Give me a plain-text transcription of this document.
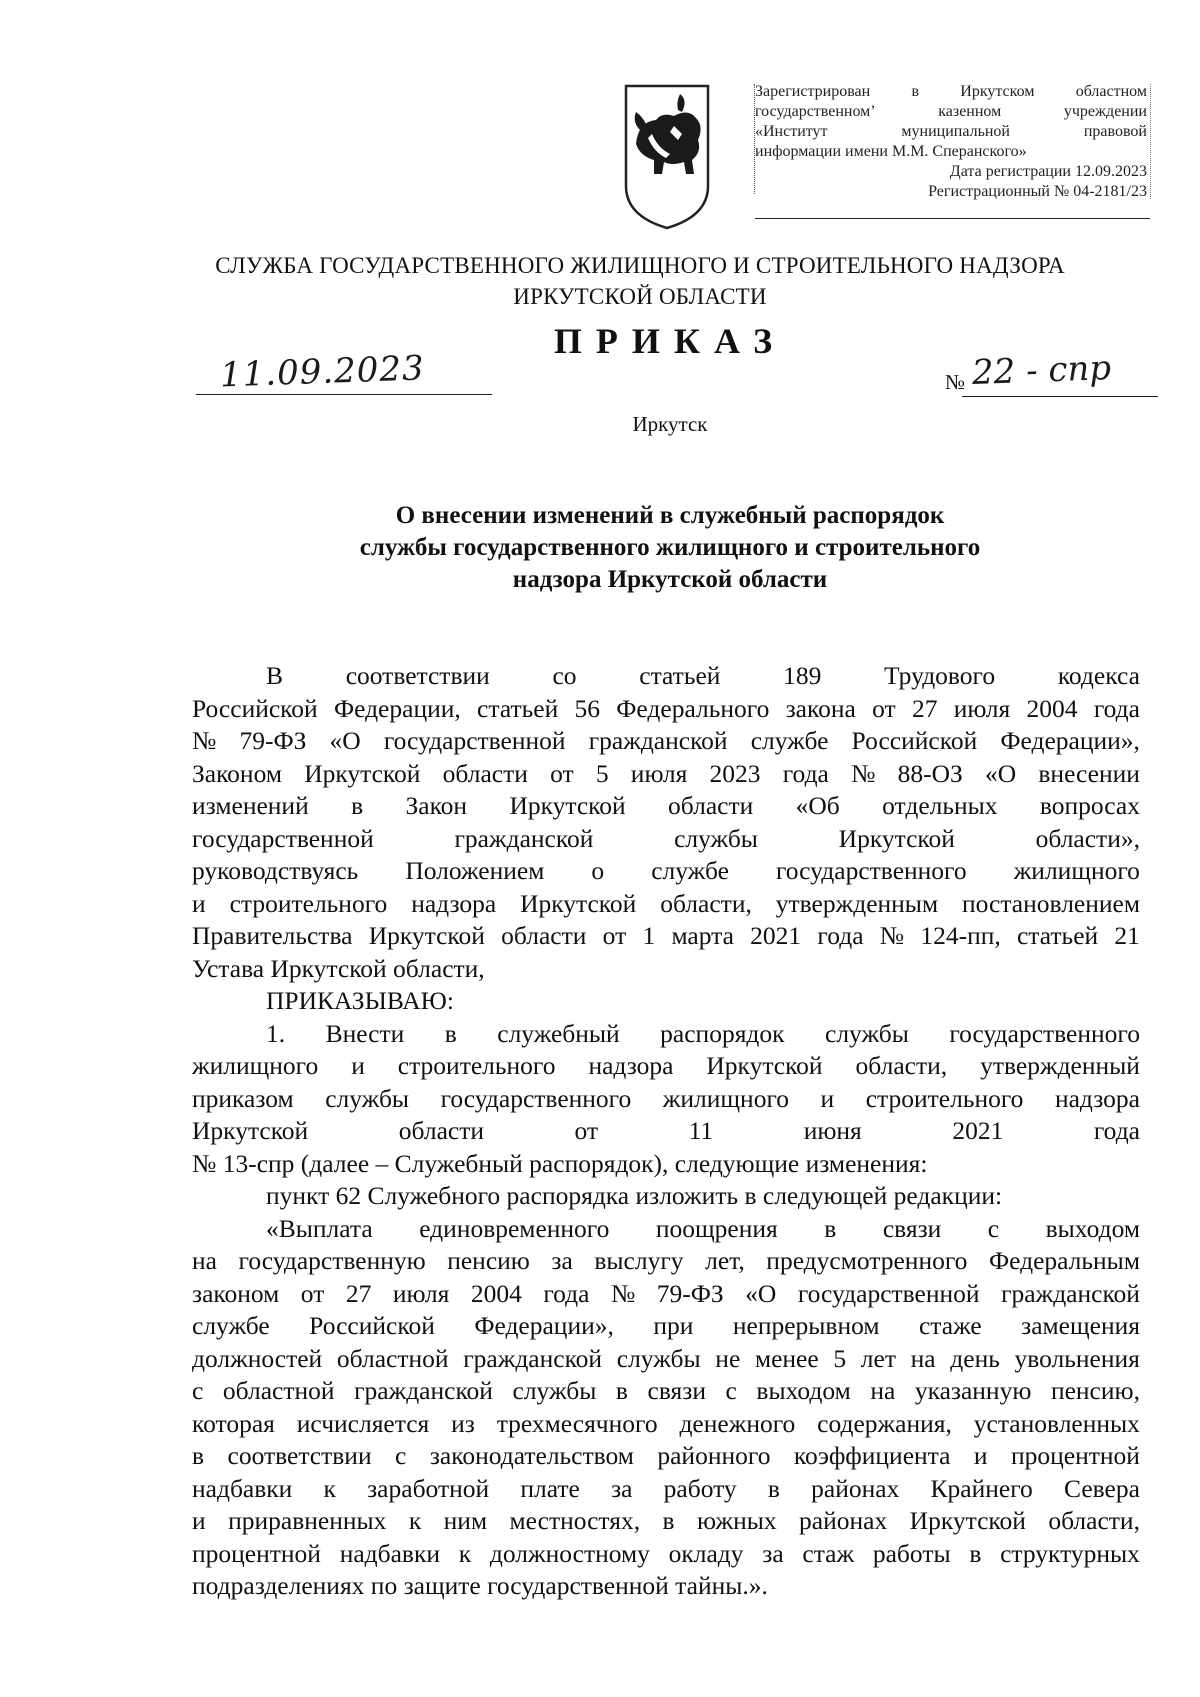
Зарегистрирован	в	Иркутском	областном
государственном’	казенном	учреждении
«Институт	муниципальной	правовой
информации имени М.М. Сперанского»
Дата регистрации 12.09.2023
Регистрационный № 04-2181/23
СЛУЖБА ГОСУДАРСТВЕННОГО ЖИЛИЩНОГО И СТРОИТЕЛЬНОГО НАДЗОРА
ИРКУТСКОЙ ОБЛАСТИ
ПРИКАЗ
11.09.2023	№ 22 - спр
Иркутск
О внесении изменений в служебный распорядок
службы государственного жилищного и строительного
надзора Иркутской области
В соответствии со статьей 189 Трудового кодекса
Российской Федерации, статьей 56 Федерального закона от 27 июля 2004 года
№ 79-ФЗ «О государственной гражданской службе Российской Федерации»,
Законом Иркутской области от 5 июля 2023 года № 88-ОЗ «О внесении
изменений в Закон Иркутской области «Об отдельных вопросах
государственной	гражданской	службы	Иркутской	области»,
руководствуясь Положением о службе государственного жилищного
и строительного надзора Иркутской области, утвержденным постановлением
Правительства Иркутской области от 1 марта 2021 года № 124-пп, статьей 21
Устава Иркутской области,
ПРИКАЗЫВАЮ:
1. Внести в служебный распорядок службы государственного
жилищного и строительного надзора Иркутской области, утвержденный
приказом службы государственного жилищного и строительного надзора
Иркутской	области	от	11	июня	2021	года
№ 13-спр (далее – Служебный распорядок), следующие изменения:
пункт 62 Служебного распорядка изложить в следующей редакции:
«Выплата единовременного поощрения в связи с выходом
на государственную пенсию за выслугу лет, предусмотренного Федеральным
законом от 27 июля 2004 года № 79-ФЗ «О государственной гражданской
службе Российской Федерации», при непрерывном стаже замещения
должностей областной гражданской службы не менее 5 лет на день увольнения
с областной гражданской службы в связи с выходом на указанную пенсию,
которая исчисляется из трехмесячного денежного содержания, установленных
в соответствии с законодательством районного коэффициента и процентной
надбавки к заработной плате за работу в районах Крайнего Севера
и приравненных к ним местностях, в южных районах Иркутской области,
процентной надбавки к должностному окладу за стаж работы в структурных
подразделениях по защите государственной тайны.».
